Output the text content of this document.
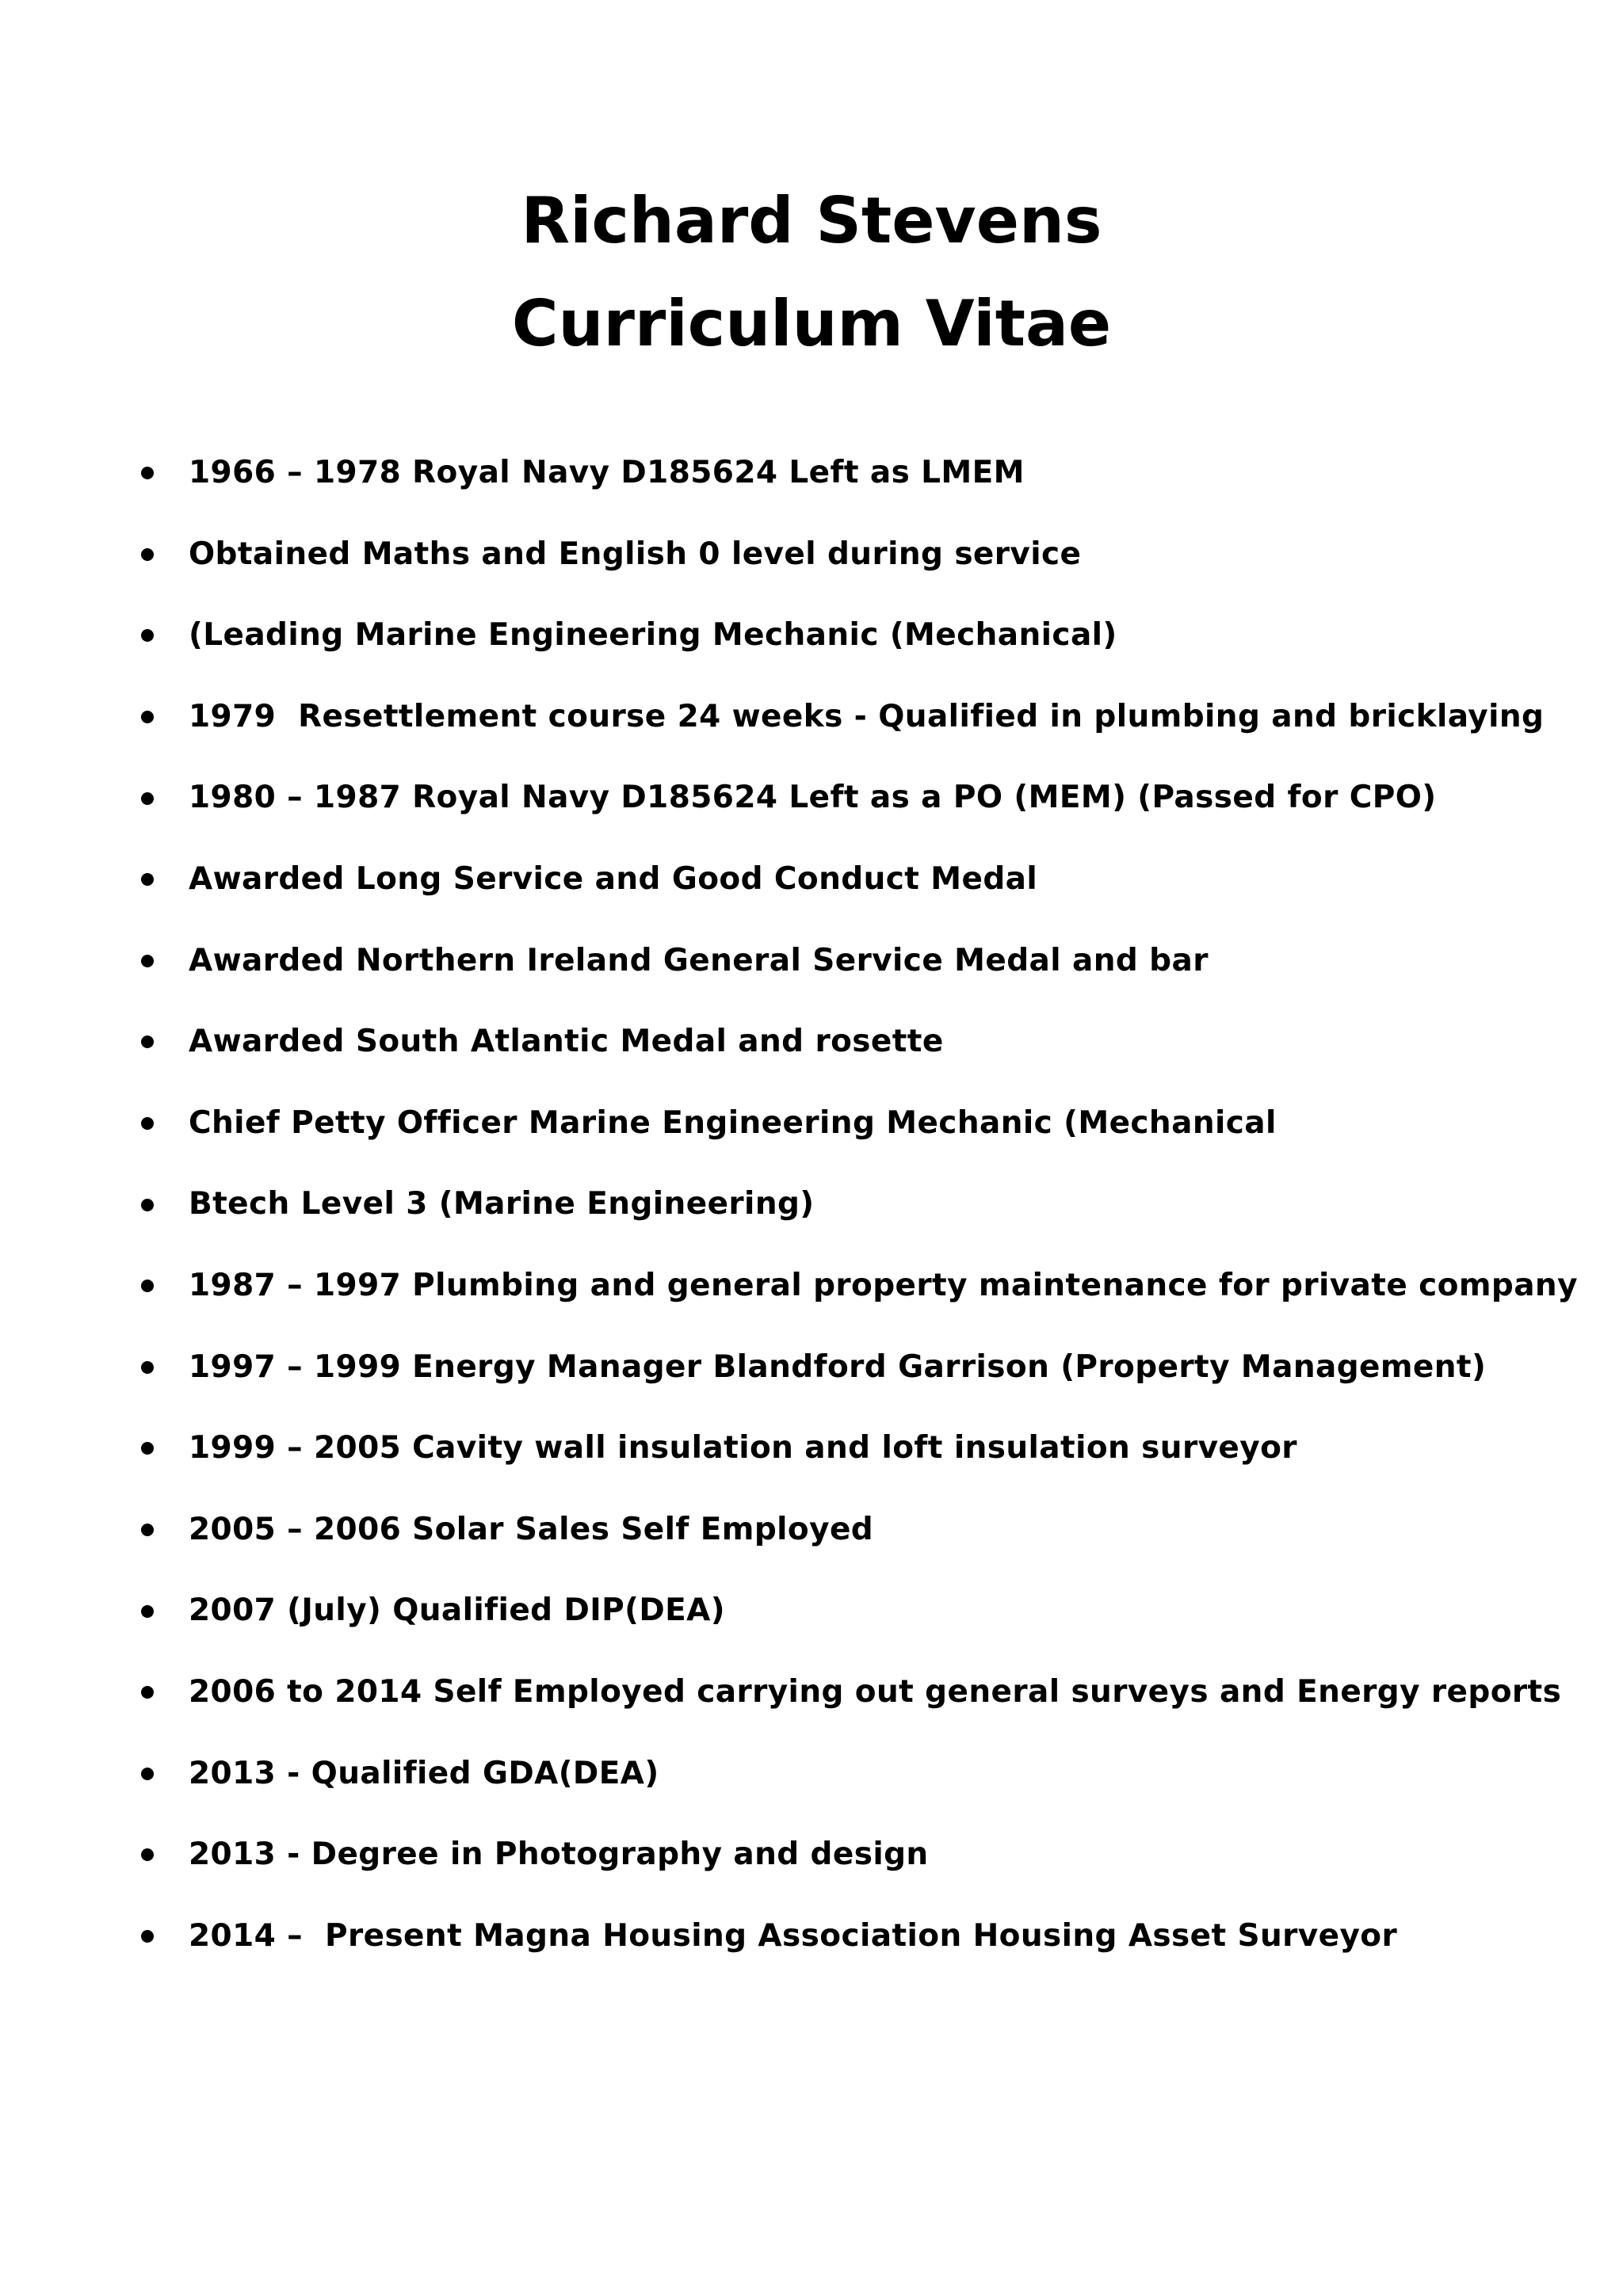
Richard Stevens
Curriculum Vitae

1966 – 1978 Royal Navy D185624 Left as LMEM

Obtained Maths and English 0 level during service

(Leading Marine Engineering Mechanic (Mechanical)

1979  Resettlement course 24 weeks - Qualified in plumbing and bricklaying

1980 – 1987 Royal Navy D185624 Left as a PO (MEM) (Passed for CPO)

Awarded Long Service and Good Conduct Medal

Awarded Northern Ireland General Service Medal and bar

Awarded South Atlantic Medal and rosette

Chief Petty Officer Marine Engineering Mechanic (Mechanical

Btech Level 3 (Marine Engineering)

1987 – 1997 Plumbing and general property maintenance for private company

1997 – 1999 Energy Manager Blandford Garrison (Property Management)

1999 – 2005 Cavity wall insulation and loft insulation surveyor

2005 – 2006 Solar Sales Self Employed

2007 (July) Qualified DIP(DEA)

2006 to 2014 Self Employed carrying out general surveys and Energy reports

2013 - Qualified GDA(DEA)

2013 - Degree in Photography and design

2014 –  Present Magna Housing Association Housing Asset Surveyor
